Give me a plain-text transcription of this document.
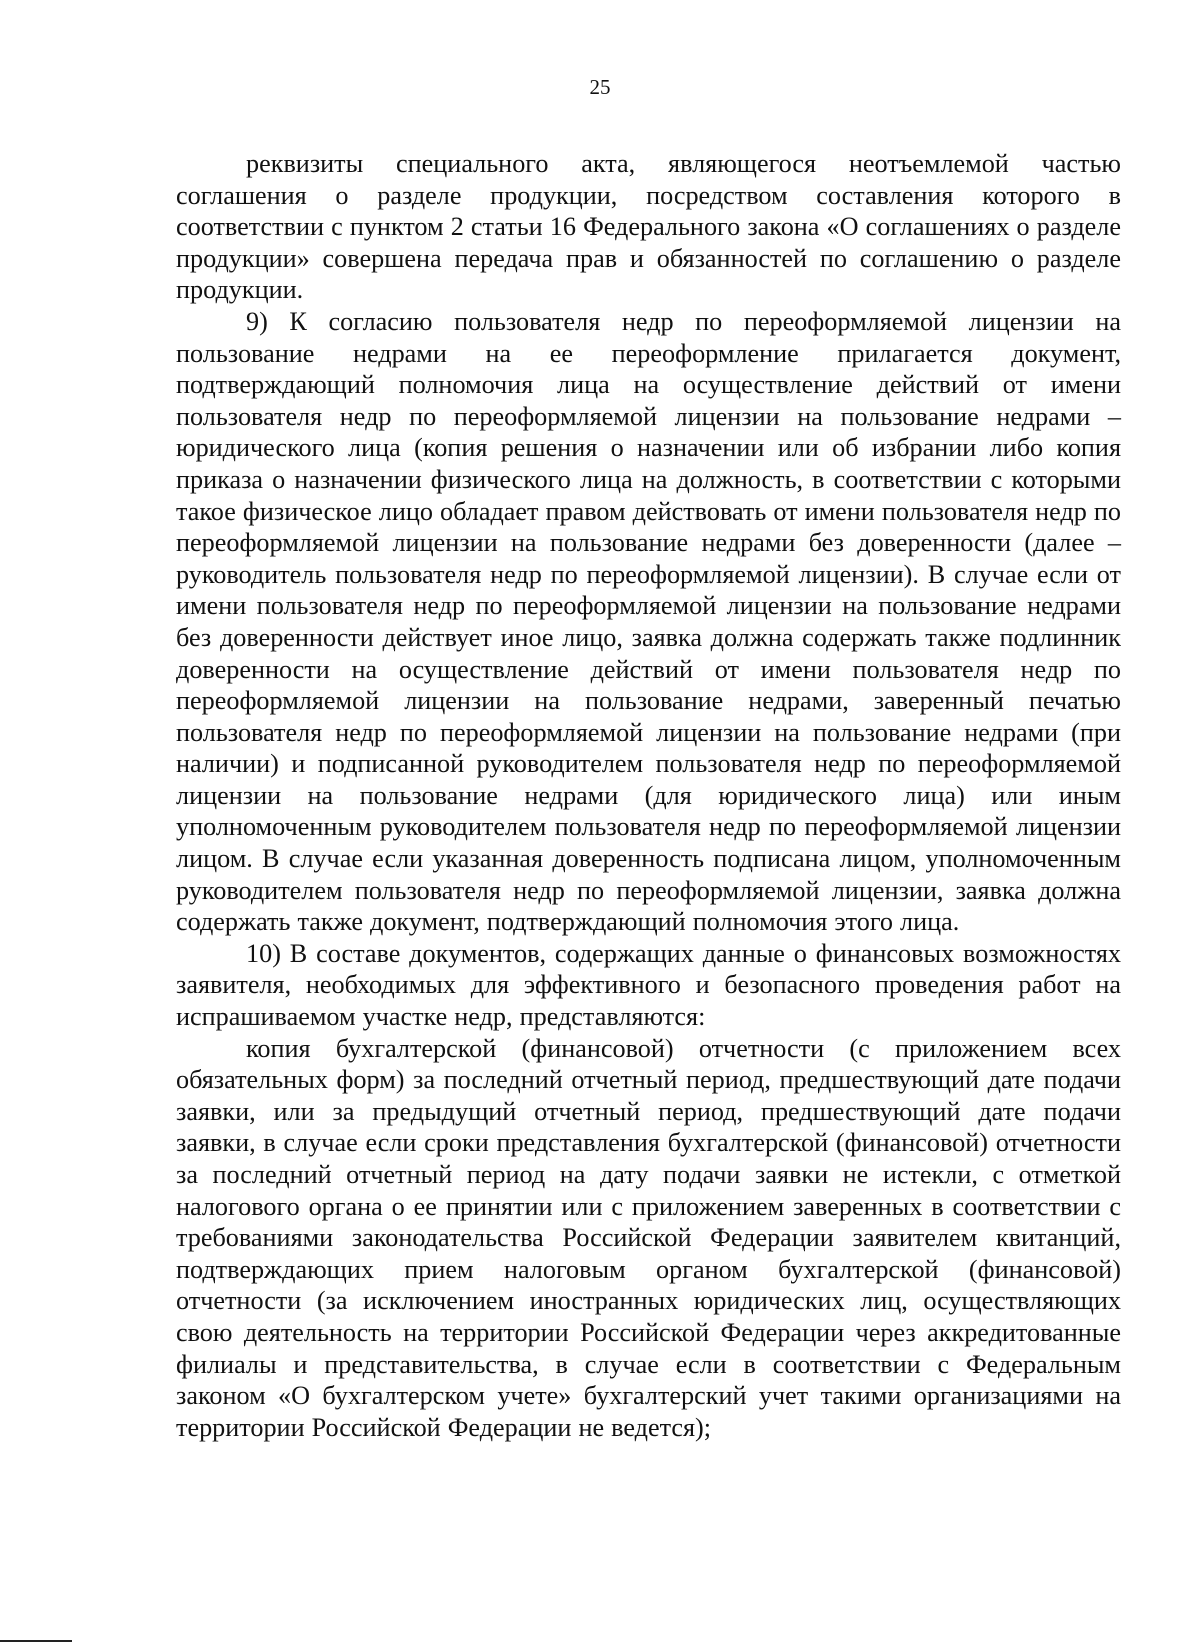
25

реквизиты специального акта, являющегося неотъемлемой частью соглашения о разделе продукции, посредством составления которого в соответствии с пунктом 2 статьи 16 Федерального закона «О соглашениях о разделе продукции» совершена передача прав и обязанностей по соглашению о разделе продукции.

9) К согласию пользователя недр по переоформляемой лицензии на пользование недрами на ее переоформление прилагается документ, подтверждающий полномочия лица на осуществление действий от имени пользователя недр по переоформляемой лицензии на пользование недрами – юридического лица (копия решения о назначении или об избрании либо копия приказа о назначении физического лица на должность, в соответствии с которыми такое физическое лицо обладает правом действовать от имени пользователя недр по переоформляемой лицензии на пользование недрами без доверенности (далее – руководитель пользователя недр по переоформляемой лицензии). В случае если от имени пользователя недр по переоформляемой лицензии на пользование недрами без доверенности действует иное лицо, заявка должна содержать также подлинник доверенности на осуществление действий от имени пользователя недр по переоформляемой лицензии на пользование недрами, заверенный печатью пользователя недр по переоформляемой лицензии на пользование недрами (при наличии) и подписанной руководителем пользователя недр по переоформляемой лицензии на пользование недрами (для юридического лица) или иным уполномоченным руководителем пользователя недр по переоформляемой лицензии лицом. В случае если указанная доверенность подписана лицом, уполномоченным руководителем пользователя недр по переоформляемой лицензии, заявка должна содержать также документ, подтверждающий полномочия этого лица.

10) В составе документов, содержащих данные о финансовых возможностях заявителя, необходимых для эффективного и безопасного проведения работ на испрашиваемом участке недр, представляются:

копия бухгалтерской (финансовой) отчетности (с приложением всех обязательных форм) за последний отчетный период, предшествующий дате подачи заявки, или за предыдущий отчетный период, предшествующий дате подачи заявки, в случае если сроки представления бухгалтерской (финансовой) отчетности за последний отчетный период на дату подачи заявки не истекли, с отметкой налогового органа о ее принятии или с приложением заверенных в соответствии с требованиями законодательства Российской Федерации заявителем квитанций, подтверждающих прием налоговым органом бухгалтерской (финансовой) отчетности (за исключением иностранных юридических лиц, осуществляющих свою деятельность на территории Российской Федерации через аккредитованные филиалы и представительства, в случае если в соответствии с Федеральным законом «О бухгалтерском учете» бухгалтерский учет такими организациями на территории Российской Федерации не ведется);
